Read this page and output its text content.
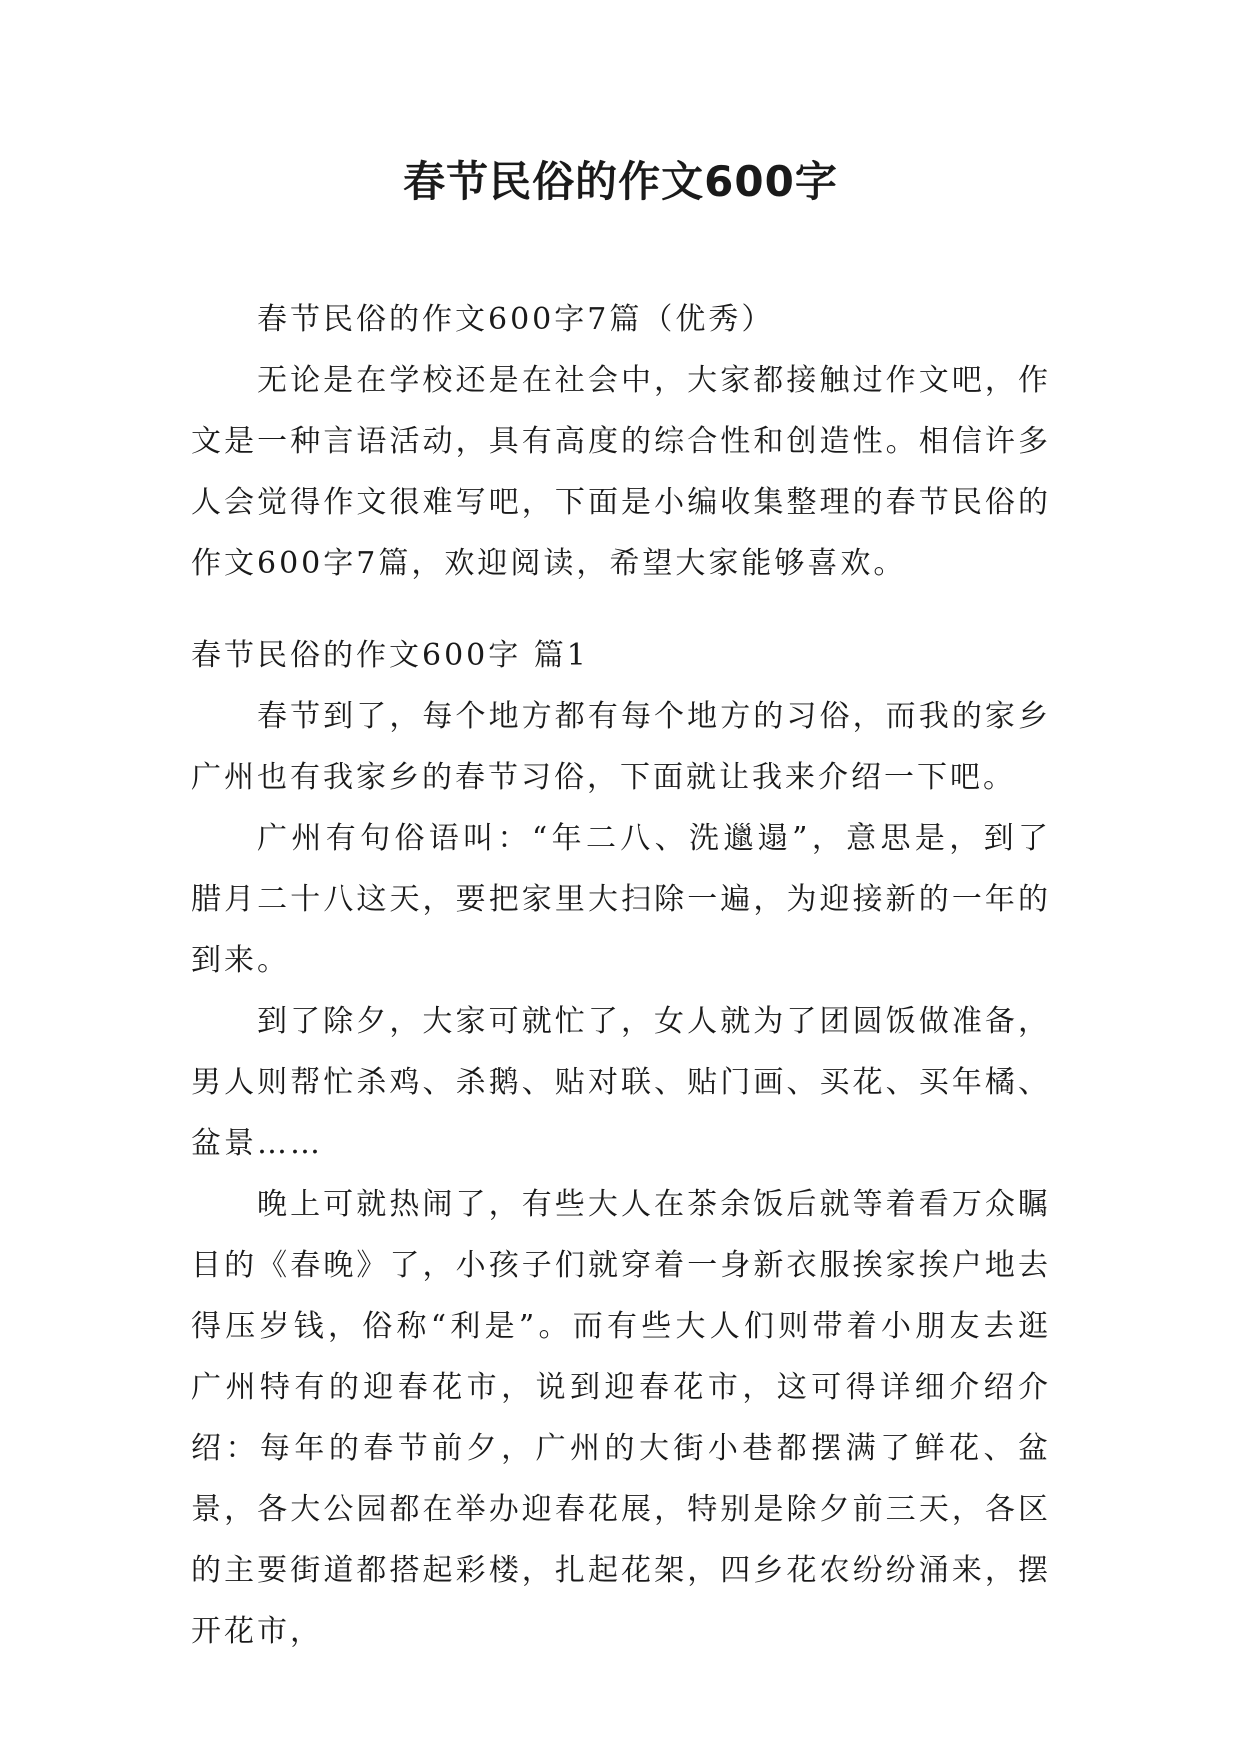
春节民俗的作文600字

春节民俗的作文600字7篇（优秀）

无论是在学校还是在社会中，大家都接触过作文吧，作文是一种言语活动，具有高度的综合性和创造性。相信许多人会觉得作文很难写吧，下面是小编收集整理的春节民俗的作文600字7篇，欢迎阅读，希望大家能够喜欢。

春节民俗的作文600字 篇1

春节到了，每个地方都有每个地方的习俗，而我的家乡广州也有我家乡的春节习俗，下面就让我来介绍一下吧。

广州有句俗语叫：“年二八、洗邋遢”，意思是，到了腊月二十八这天，要把家里大扫除一遍，为迎接新的一年的到来。

到了除夕，大家可就忙了，女人就为了团圆饭做准备，男人则帮忙杀鸡、杀鹅、贴对联、贴门画、买花、买年橘、盆景……

晚上可就热闹了，有些大人在茶余饭后就等着看万众瞩目的《春晚》了，小孩子们就穿着一身新衣服挨家挨户地去得压岁钱，俗称“利是”。而有些大人们则带着小朋友去逛广州特有的迎春花市，说到迎春花市，这可得详细介绍介绍：每年的春节前夕，广州的大街小巷都摆满了鲜花、盆景，各大公园都在举办迎春花展，特别是除夕前三天，各区的主要街道都搭起彩楼，扎起花架，四乡花农纷纷涌来，摆开花市，
